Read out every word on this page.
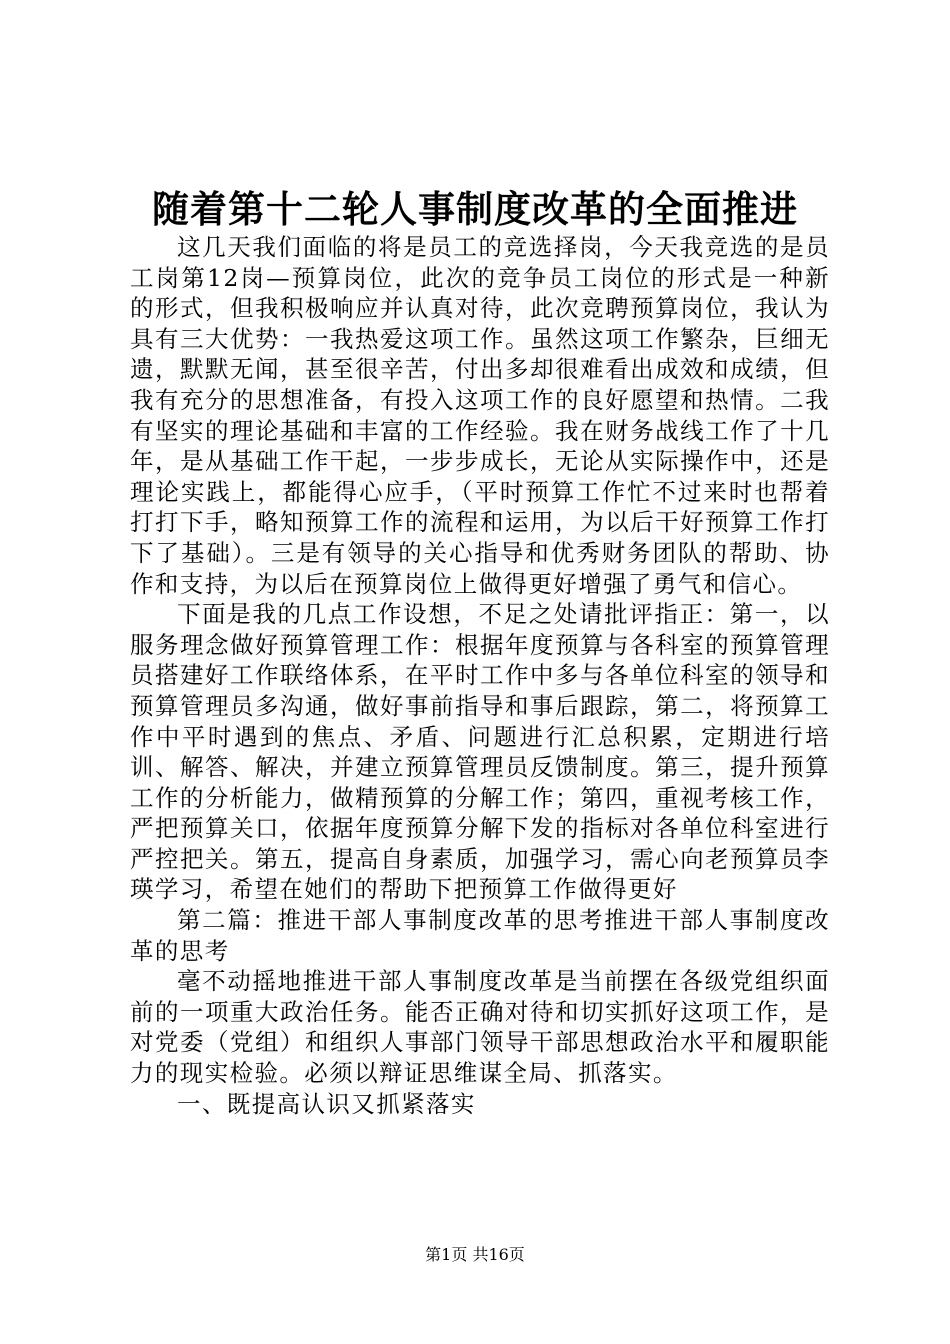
随着第十二轮人事制度改革的全面推进

这几天我们面临的将是员工的竞选择岗，今天我竞选的是员工岗第12岗—预算岗位，此次的竞争员工岗位的形式是一种新的形式，但我积极响应并认真对待，此次竞聘预算岗位，我认为具有三大优势：一我热爱这项工作。虽然这项工作繁杂，巨细无遗，默默无闻，甚至很辛苦，付出多却很难看出成效和成绩，但我有充分的思想准备，有投入这项工作的良好愿望和热情。二我有坚实的理论基础和丰富的工作经验。我在财务战线工作了十几年，是从基础工作干起，一步步成长，无论从实际操作中，还是理论实践上，都能得心应手，（平时预算工作忙不过来时也帮着打打下手，略知预算工作的流程和运用，为以后干好预算工作打下了基础）。三是有领导的关心指导和优秀财务团队的帮助、协作和支持，为以后在预算岗位上做得更好增强了勇气和信心。

下面是我的几点工作设想，不足之处请批评指正：第一，以服务理念做好预算管理工作：根据年度预算与各科室的预算管理员搭建好工作联络体系，在平时工作中多与各单位科室的领导和预算管理员多沟通，做好事前指导和事后跟踪，第二，将预算工作中平时遇到的焦点、矛盾、问题进行汇总积累，定期进行培训、解答、解决，并建立预算管理员反馈制度。第三，提升预算工作的分析能力，做精预算的分解工作；第四，重视考核工作，严把预算关口，依据年度预算分解下发的指标对各单位科室进行严控把关。第五，提高自身素质，加强学习，需心向老预算员李瑛学习，希望在她们的帮助下把预算工作做得更好

第二篇：推进干部人事制度改革的思考推进干部人事制度改革的思考

毫不动摇地推进干部人事制度改革是当前摆在各级党组织面前的一项重大政治任务。能否正确对待和切实抓好这项工作，是对党委（党组）和组织人事部门领导干部思想政治水平和履职能力的现实检验。必须以辩证思维谋全局、抓落实。

一、既提高认识又抓紧落实

第1页 共16页
